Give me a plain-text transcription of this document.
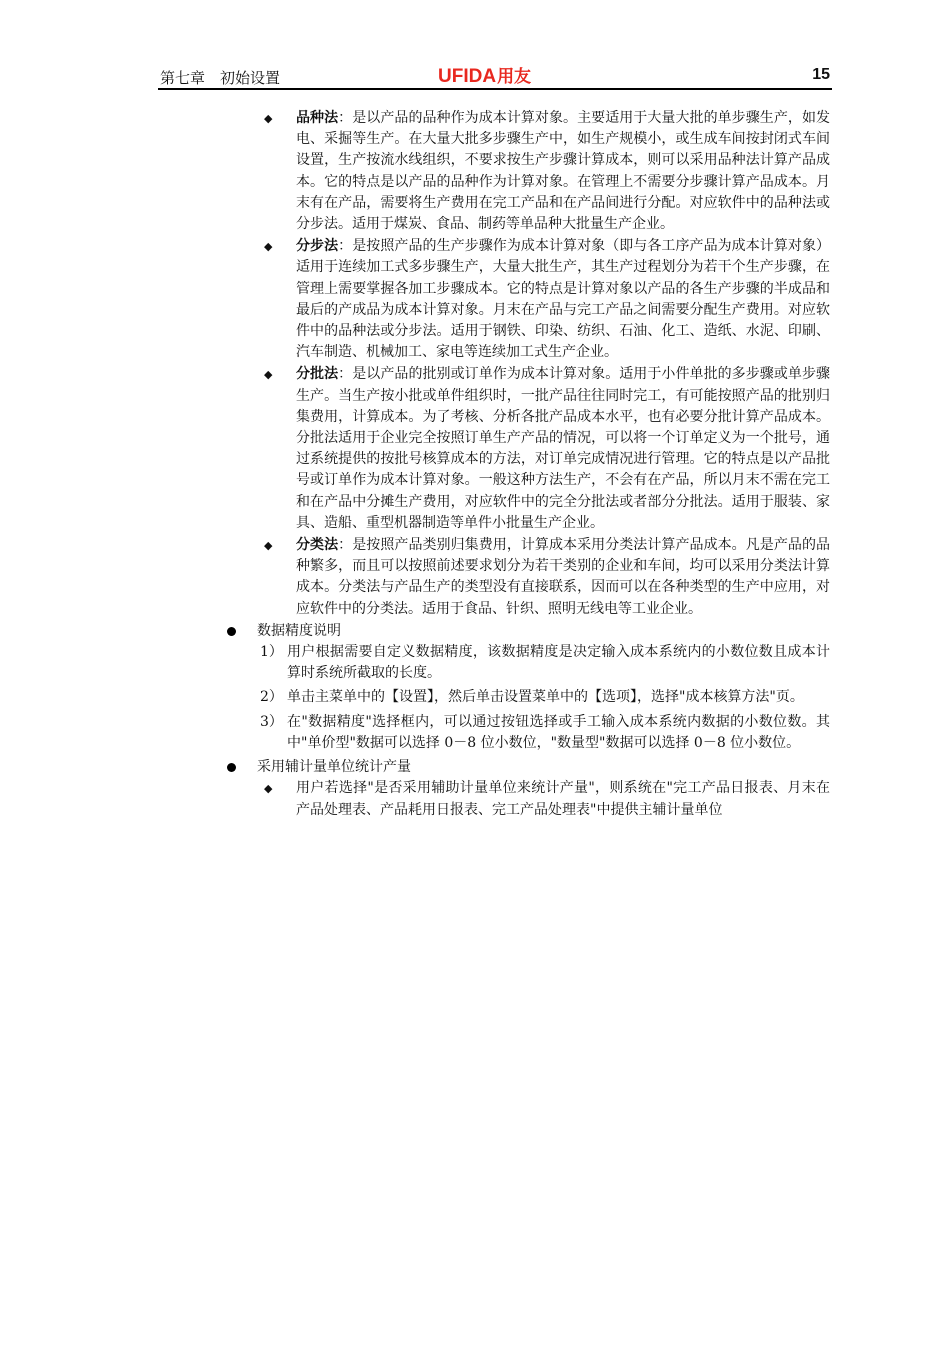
第七章　初始设置	UFIDA用友	15
◆ 品种法：是以产品的品种作为成本计算对象。主要适用于大量大批的单步骤生产，如发电、采掘等生产。在大量大批多步骤生产中，如生产规模小，或生成车间按封闭式车间设置，生产按流水线组织，不要求按生产步骤计算成本，则可以采用品种法计算产品成本。它的特点是以产品的品种作为计算对象。在管理上不需要分步骤计算产品成本。月末有在产品，需要将生产费用在完工产品和在产品间进行分配。对应软件中的品种法或分步法。适用于煤炭、食品、制药等单品种大批量生产企业。
◆ 分步法：是按照产品的生产步骤作为成本计算对象（即与各工序产品为成本计算对象）适用于连续加工式多步骤生产，大量大批生产，其生产过程划分为若干个生产步骤，在管理上需要掌握各加工步骤成本。它的特点是计算对象以产品的各生产步骤的半成品和最后的产成品为成本计算对象。月末在产品与完工产品之间需要分配生产费用。对应软件中的品种法或分步法。适用于钢铁、印染、纺织、石油、化工、造纸、水泥、印刷、汽车制造、机械加工、家电等连续加工式生产企业。
◆ 分批法：是以产品的批别或订单作为成本计算对象。适用于小件单批的多步骤或单步骤生产。当生产按小批或单件组织时，一批产品往往同时完工，有可能按照产品的批别归集费用，计算成本。为了考核、分析各批产品成本水平，也有必要分批计算产品成本。分批法适用于企业完全按照订单生产产品的情况，可以将一个订单定义为一个批号，通过系统提供的按批号核算成本的方法，对订单完成情况进行管理。它的特点是以产品批号或订单作为成本计算对象。一般这种方法生产，不会有在产品，所以月末不需在完工和在产品中分摊生产费用，对应软件中的完全分批法或者部分分批法。适用于服装、家具、造船、重型机器制造等单件小批量生产企业。
◆ 分类法：是按照产品类别归集费用，计算成本采用分类法计算产品成本。凡是产品的品种繁多，而且可以按照前述要求划分为若干类别的企业和车间，均可以采用分类法计算成本。分类法与产品生产的类型没有直接联系，因而可以在各种类型的生产中应用，对应软件中的分类法。适用于食品、针织、照明无线电等工业企业。
数据精度说明
1） 用户根据需要自定义数据精度，该数据精度是决定输入成本系统内的小数位数且成本计算时系统所截取的长度。
2） 单击主菜单中的【设置】，然后单击设置菜单中的【选项】，选择"成本核算方法"页。
3） 在"数据精度"选择框内，可以通过按钮选择或手工输入成本系统内数据的小数位数。其中"单价型"数据可以选择 0－8 位小数位，"数量型"数据可以选择 0－8 位小数位。
采用辅计量单位统计产量
◆ 用户若选择"是否采用辅助计量单位来统计产量"，则系统在"完工产品日报表、月末在产品处理表、产品耗用日报表、完工产品处理表"中提供主辅计量单位
